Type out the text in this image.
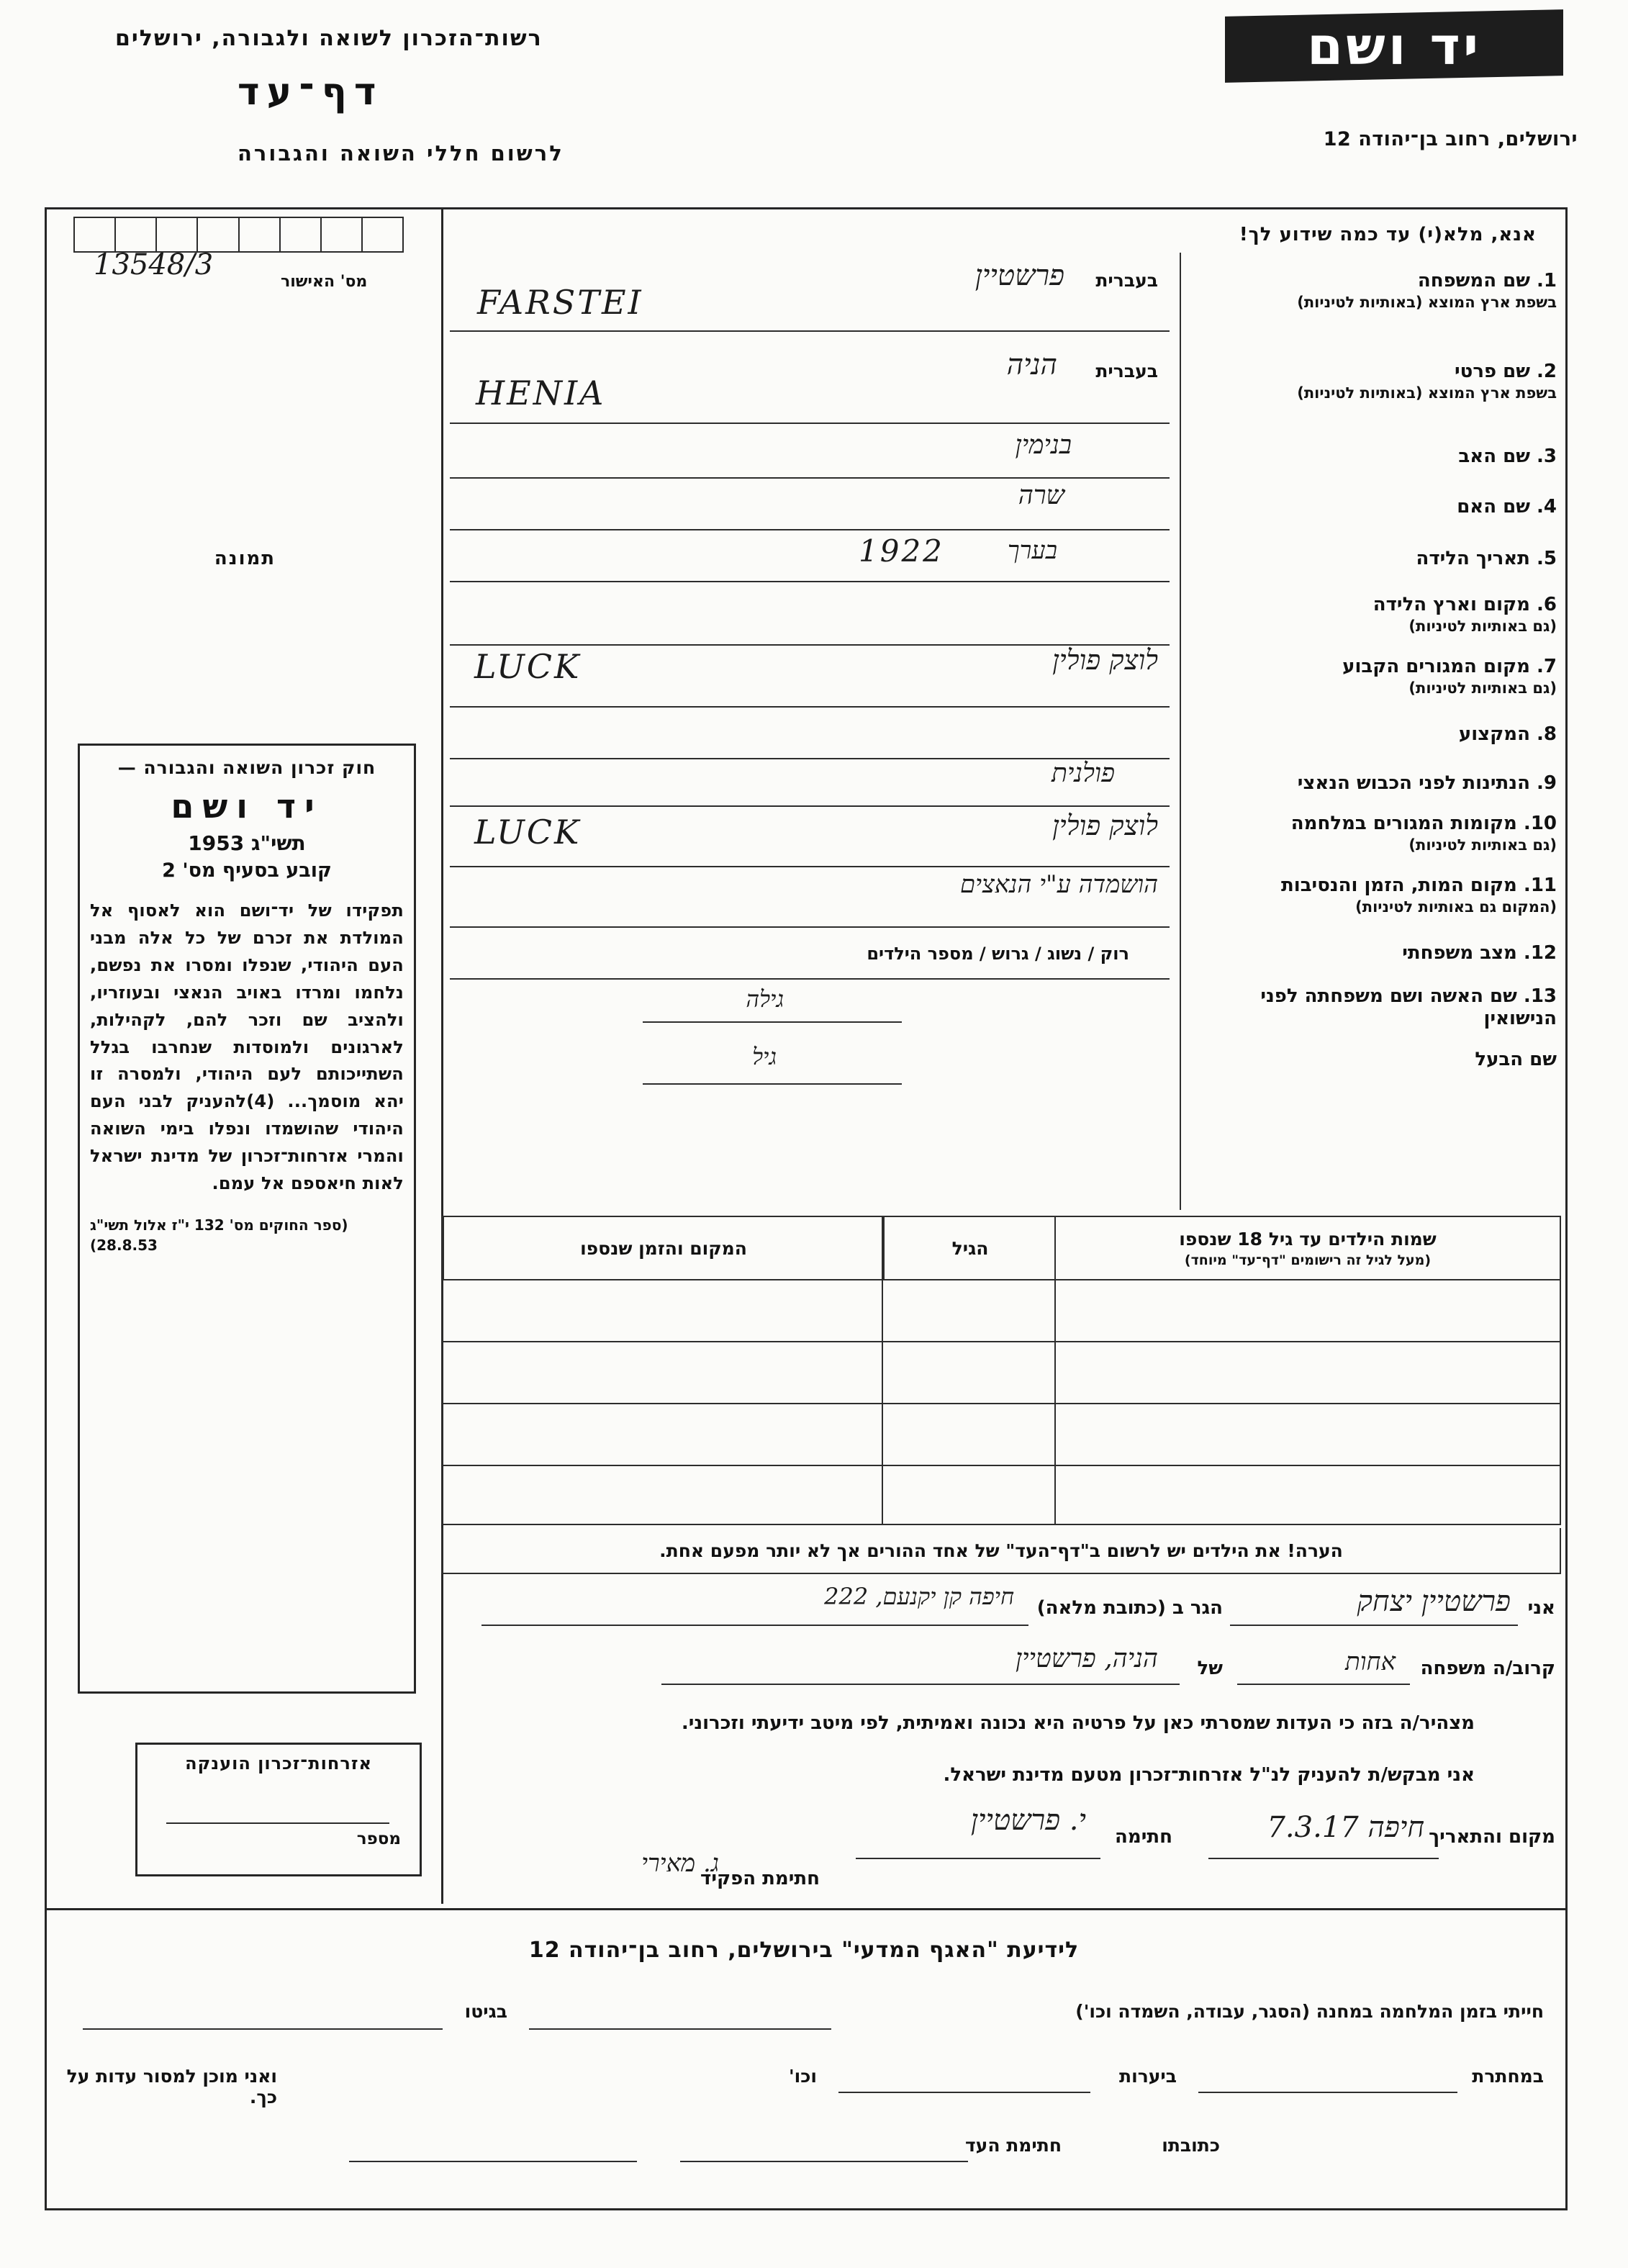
יד ושם
ירושלים, רחוב בן־יהודה 12
רשות־הזכרון לשואה ולגבורה, ירושלים
דף־עד
לרשום חללי השואה והגבורה
אנא, מלא(י) עד כמה שידוע לך!
13548/3
מס' האישור
תמונה
חוק זכרון השואה והגבורה —
יד ושם
תשי"ג 1953
קובע בסעיף מס' 2
תפקידו של יד־ושם הוא לאסוף אל המולדת את זכרם של כל אלה מבני העם היהודי, שנפלו ומסרו את נפשם, נלחמו ומרדו באויב הנאצי ובעוזריו, ולהציב שם וזכר להם, לקהילות, לארגונים ולמוסדות שנחרבו בגלל השתייכותם לעם היהודי, ולמסרה זו יהא מוסמך... (4)להעניק לבני העם היהודי שהושמדו ונפלו בימי השואה והמרי אזרחות־זכרון של מדינת ישראל לאות חיאספם אל עמם.
(ספר החוקים מס' 132 י"ז אלול תשי"ג 28.8.53)
אזרחות־זכרון הוענקה
מספר
1. שם המשפחה
בשפת ארץ המוצא (באותיות לטיניות)
בעברית
פרשטיין
FARSTEI
2. שם פרטי
בשפת ארץ המוצא (באותיות לטיניות)
בעברית
הניה
HENIA
3. שם האב
בנימין
4. שם האם
שרה
5. תאריך הלידה
בערך
1922
6. מקום וארץ הלידה
(גם באותיות לטיניות)
7. מקום המגורים הקבוע
(גם באותיות לטיניות)
לוצק פולין
LUCK
8. המקצוע
9. הנתינות לפני הכבוש הנאצי
פולנית
10. מקומות המגורים במלחמה
(גם באותיות לטיניות)
לוצק פולין
LUCK
11. מקום המות, הזמן והנסיבות
(המקום גם באותיות לטיניות)
הושמדה ע"י הנאצים
12. מצב משפחתי
רוק / נשוג / גרוש / מספר הילדים
13. שם האשה ושם משפחתה לפני הנישואין
גילה
שם הבעל
גיל
שמות הילדים עד גיל 18 שנספו
(מעל לגיל זה רישומים "דף־עד" מיוחד)
הגיל
המקום והזמן שנספו
הערה! את הילדים יש לרשום ב"דף־העד" של אחד ההורים אך לא יותר מפעם אחת.
אני
פרשטיין יצחק
הגר ב (כתובת מלאה)
חיפה קן יקנעם, 222
קרוב/ה משפחה
אחות
של
הניה, פרשטיין
מצהיר/ה בזה כי העדות שמסרתי כאן על פרטיה היא נכונה ואמיתית, לפי מיטב ידיעתי וזכרוני.
אני מבקש/ת להעניק לנ"ל אזרחות־זכרון מטעם מדינת ישראל.
מקום והתאריך
חיפה 7.3.17
חתימה
י. פרשטיין
חתימת הפקיד
ג. מאירי
לידיעת "האגף המדעי" בירושלים, רחוב בן־יהודה 12
חייתי בזמן המלחמה במחנה (הסגר, עבודה, השמדה וכו')
בגיטו
במחתרת
ביערות
וכו'
ואני מוכן למסור עדות על כך.
חתימת העד	כתובתו
